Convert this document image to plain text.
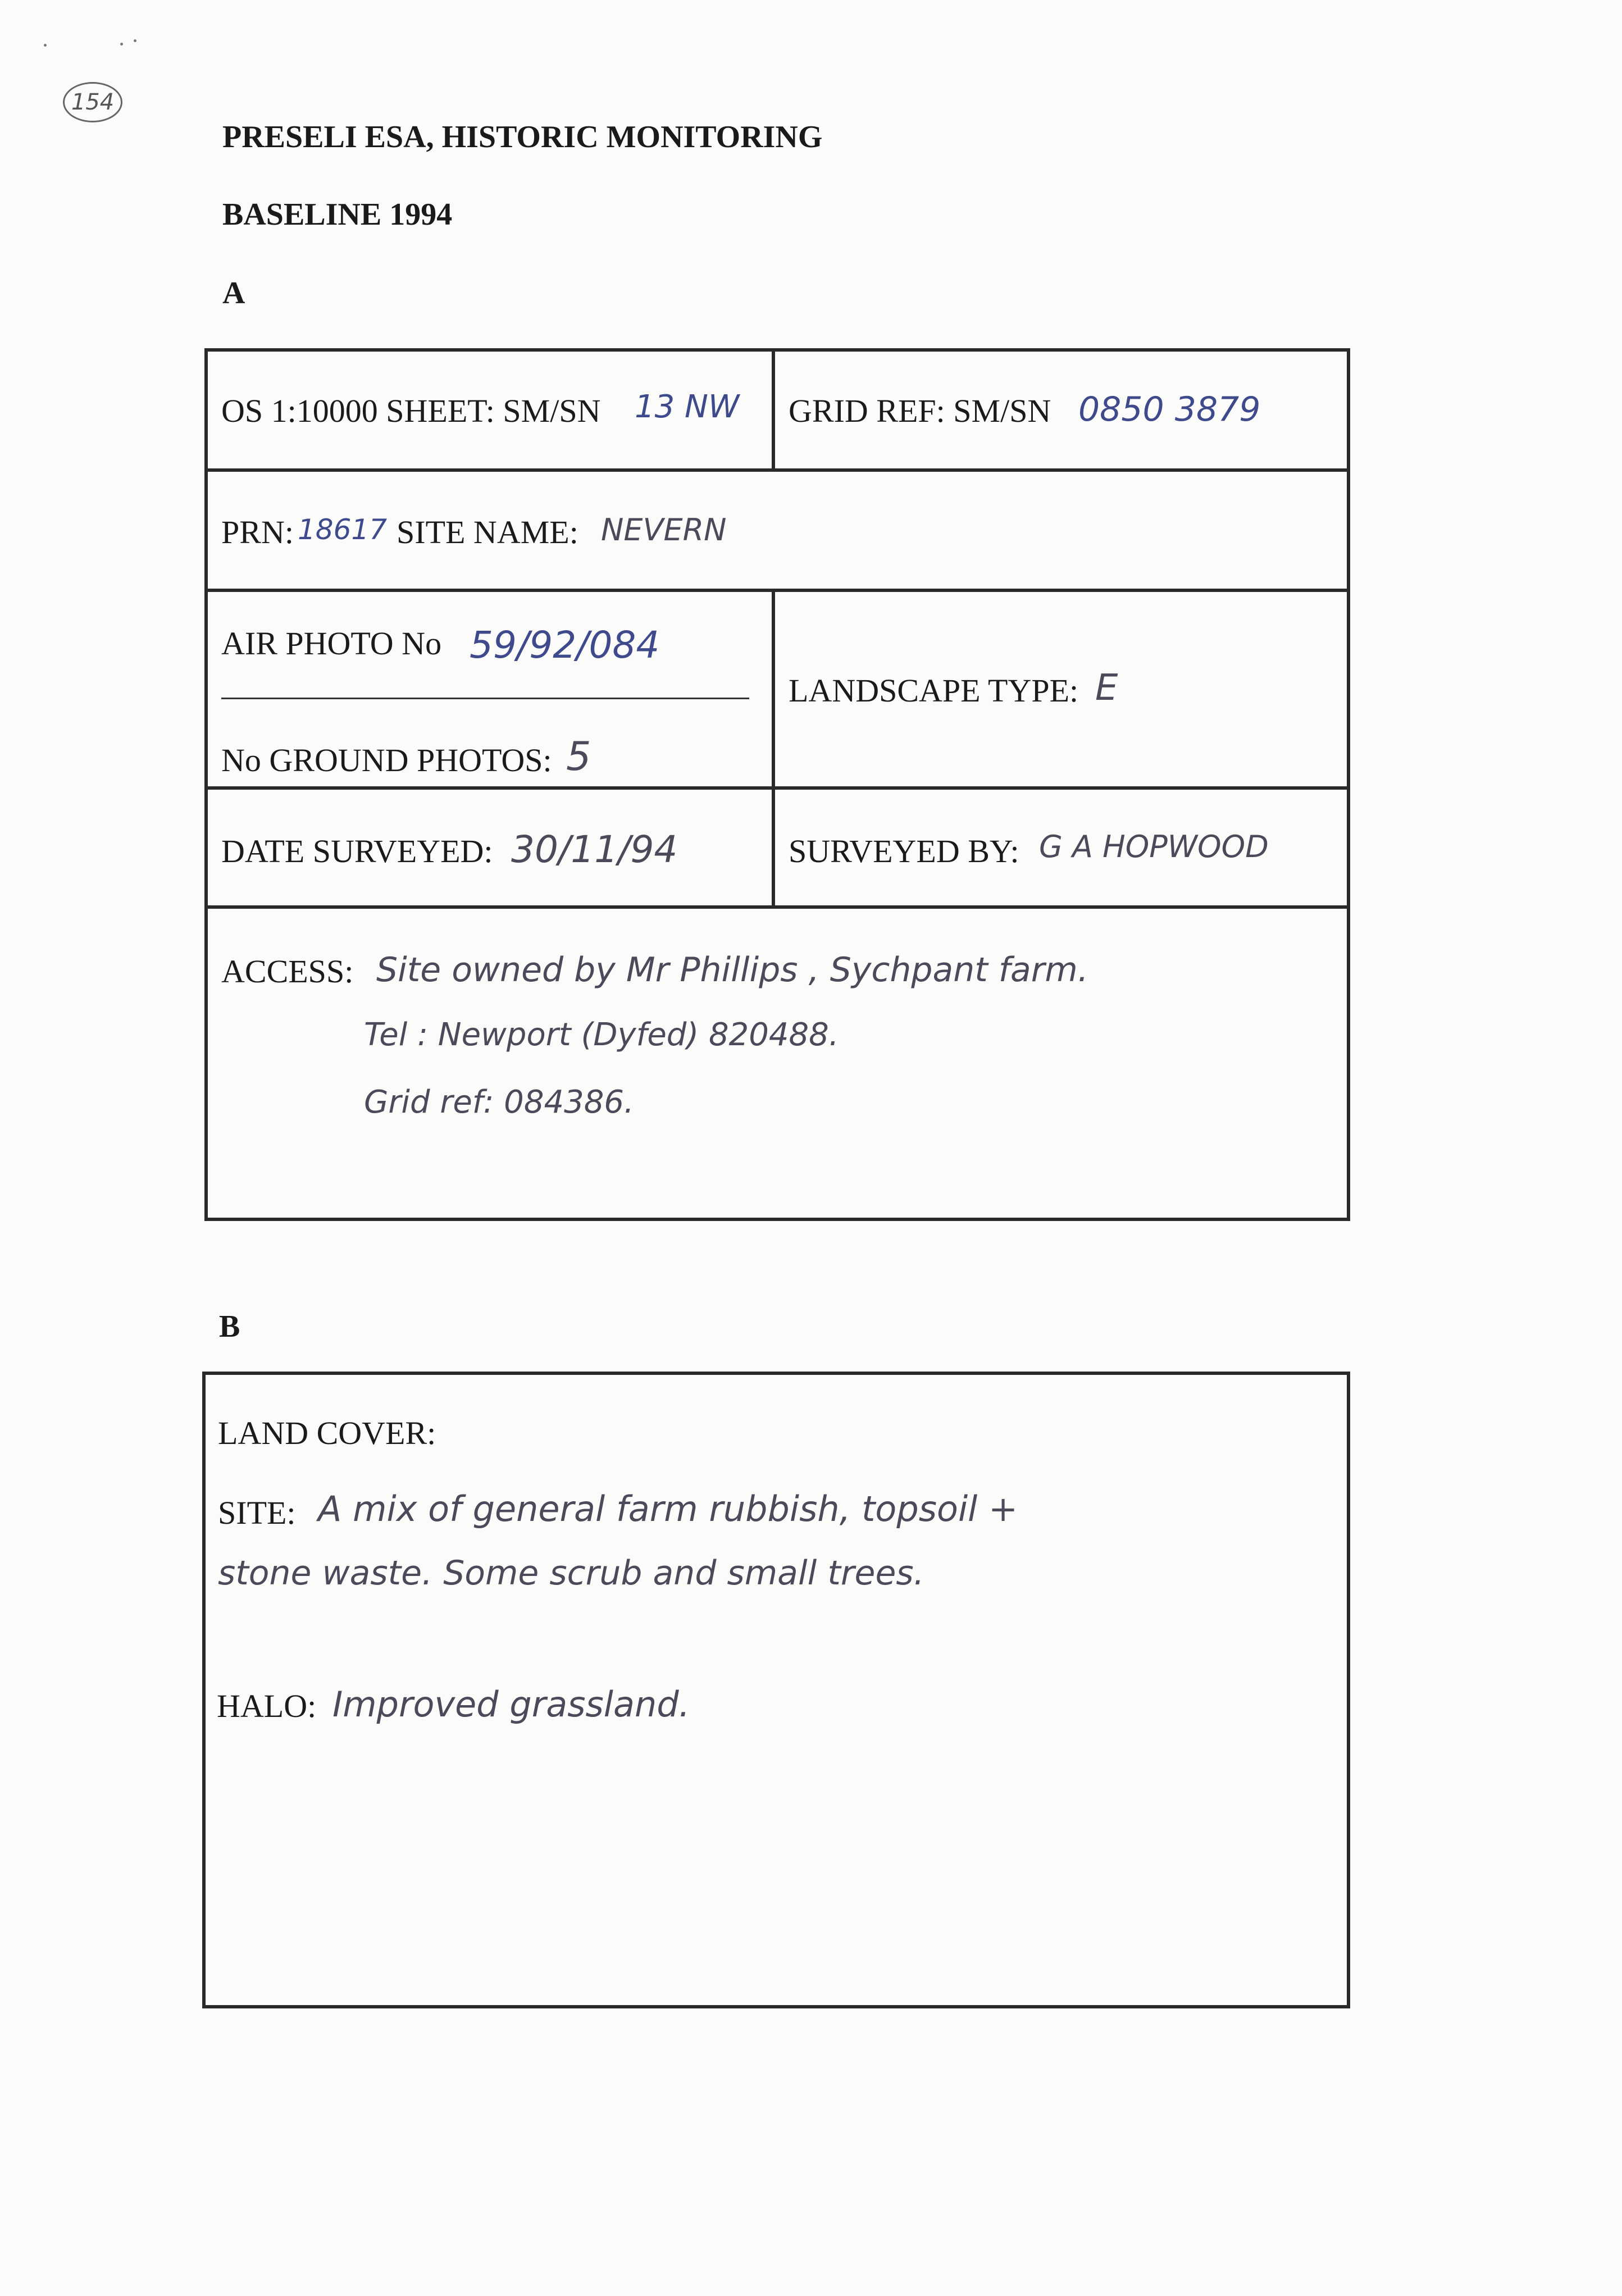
154
PRESELI ESA, HISTORIC MONITORING
BASELINE 1994
A
OS 1:10000 SHEET: SM/SN 13 NW GRID REF: SM/SN 0850 3879
PRN: 18617 SITE NAME: NEVERN
AIR PHOTO No 59/92/084
No GROUND PHOTOS: 5
LANDSCAPE TYPE: E
DATE SURVEYED: 30/11/94	SURVEYED BY: G A HOPWOOD
ACCESS: Site owned by Mr Phillips , Sychpant farm.
Tel : Newport (Dyfed) 820488.
Grid ref: 084386.
B
LAND COVER:
SITE: A mix of general farm rubbish, topsoil +
stone waste. Some scrub and small trees.
HALO: Improved grassland.
